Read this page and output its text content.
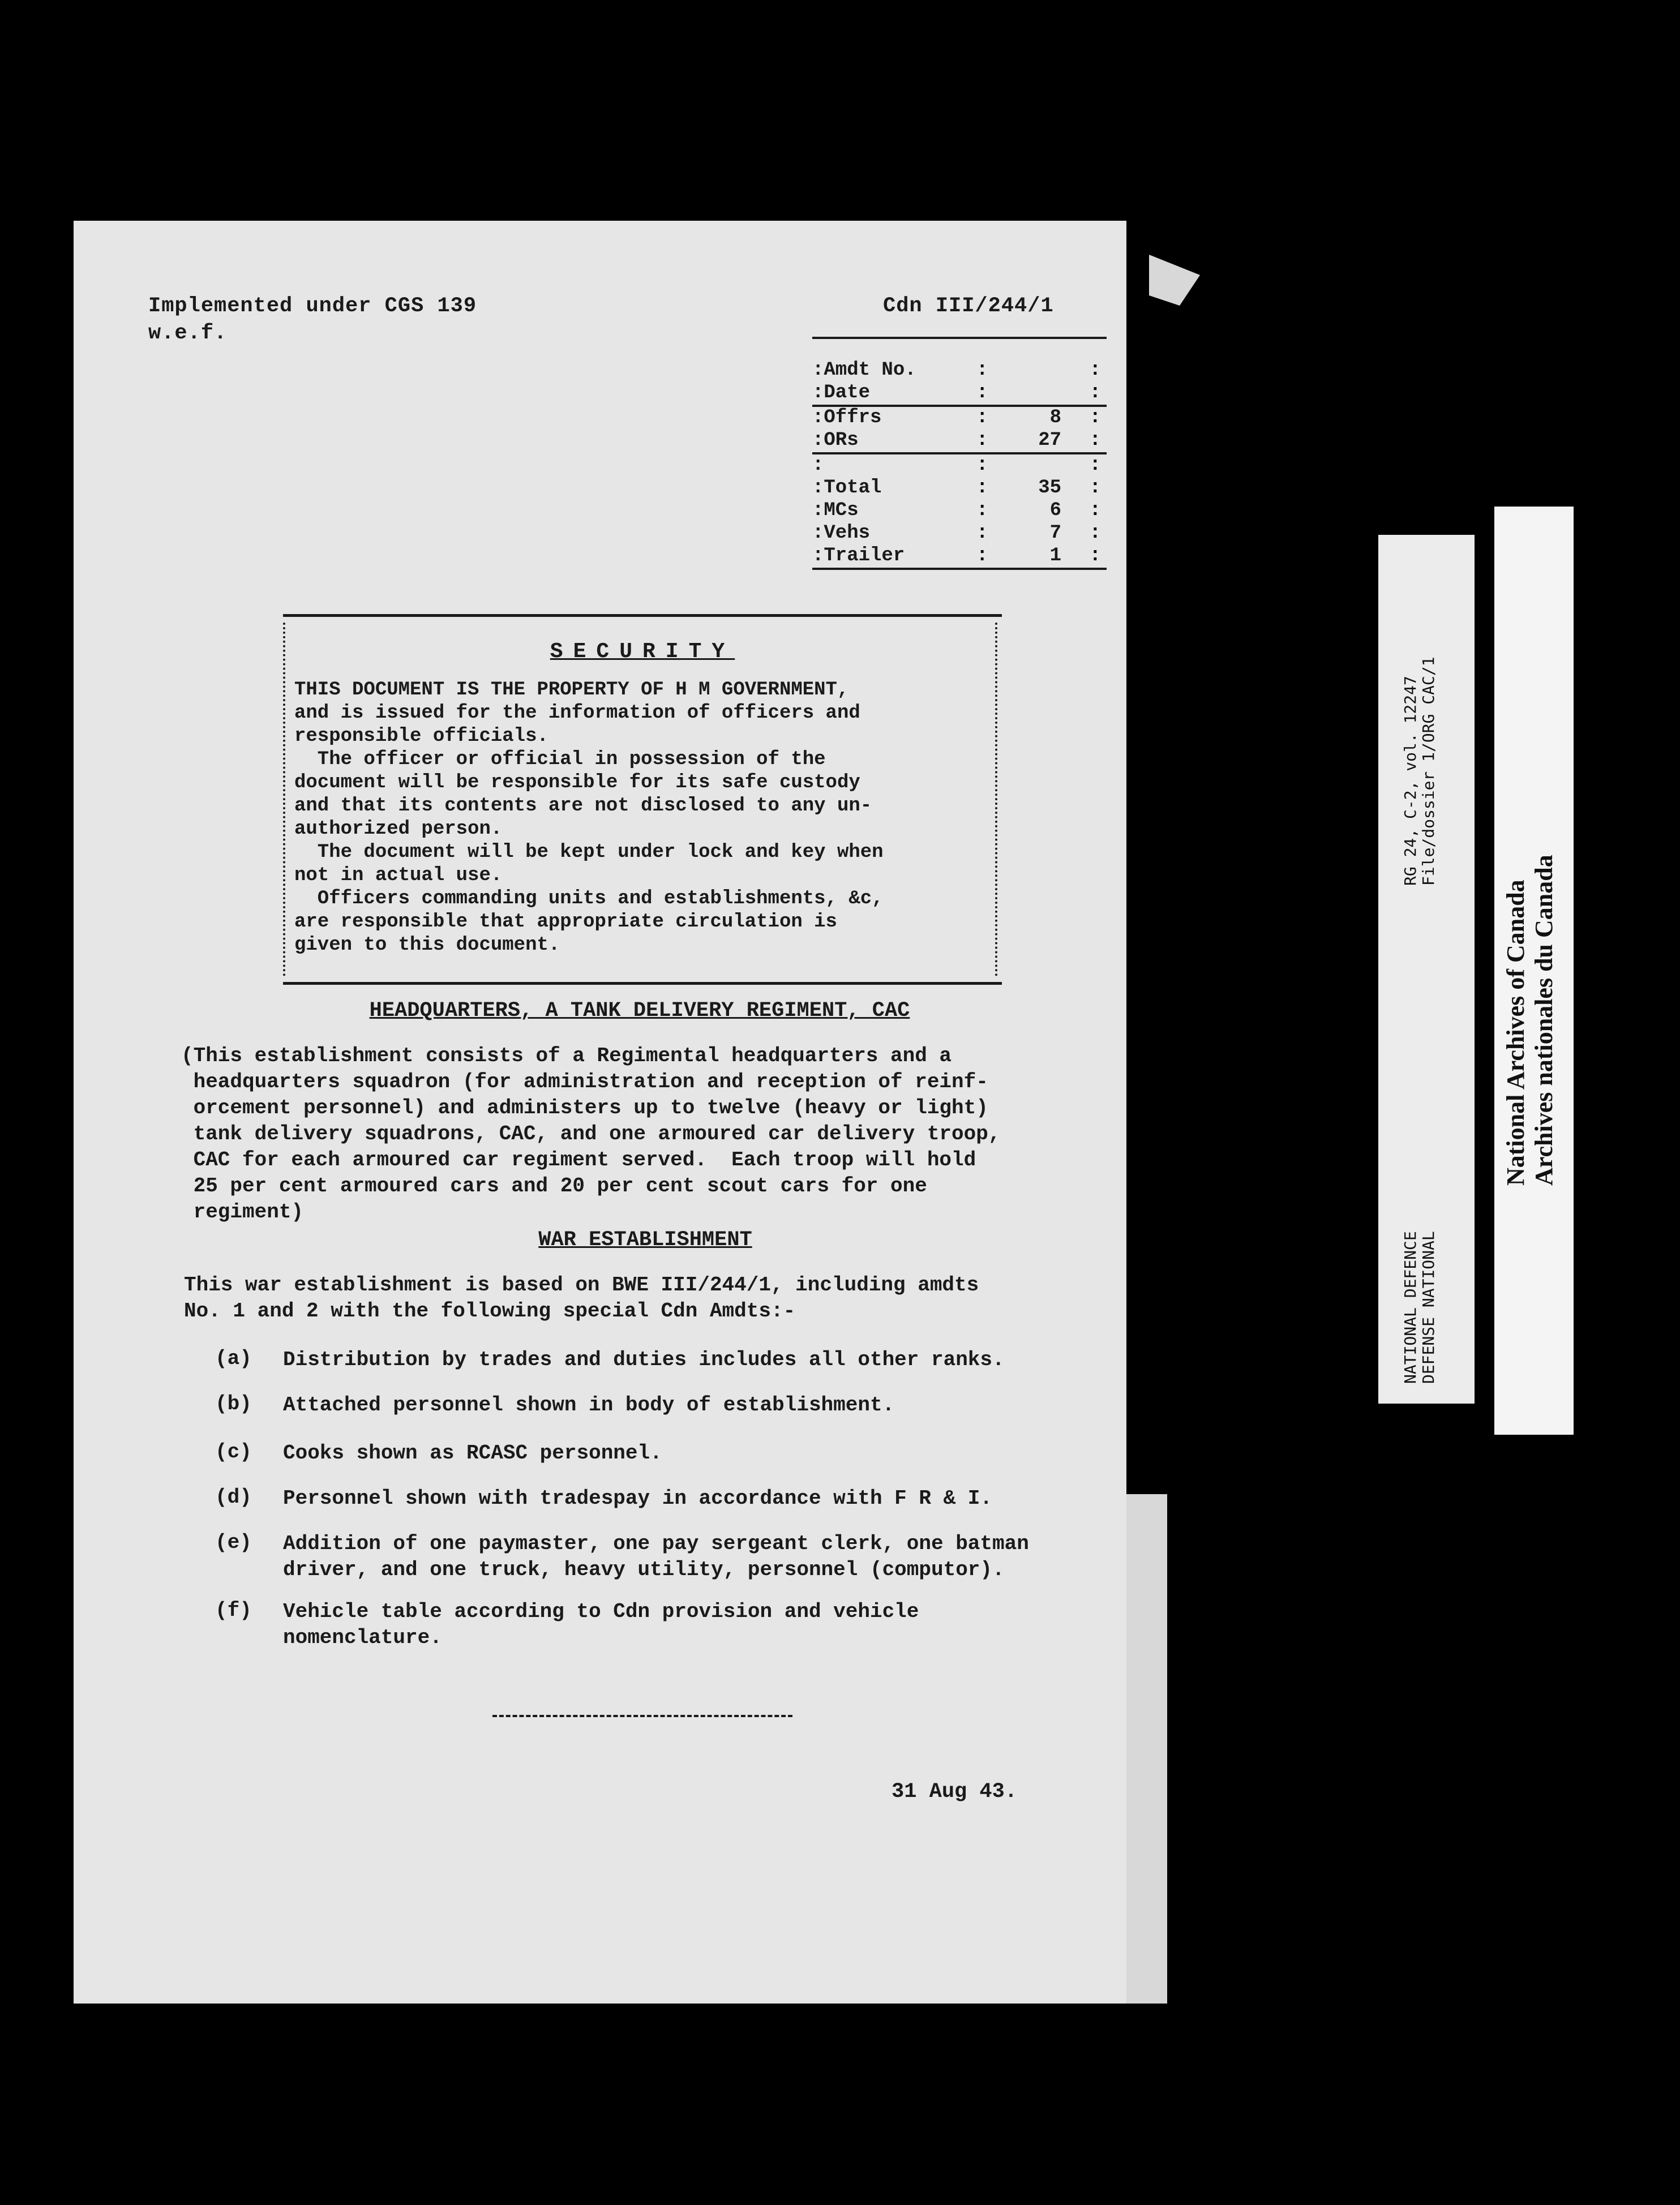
Implemented under CGS 139
w.e.f.
Cdn III/244/1
:Amdt No.	:	:
:Date	:	:
:Offrs	:	8 :
:ORs	:	27 :
:	:	:
:Total	:	35 :
:MCs	:	6 :
:Vehs	:	7 :
:Trailer	:	1 :
SECURITY
THIS DOCUMENT IS THE PROPERTY OF H M GOVERNMENT,
and is issued for the information of officers and
responsible officials.
The officer or official in possession of the
document will be responsible for its safe custody
and that its contents are not disclosed to any un-
authorized person.
The document will be kept under lock and key when
not in actual use.
Officers commanding units and establishments, &c,
are responsible that appropriate circulation is
given to this document.
HEADQUARTERS, A TANK DELIVERY REGIMENT, CAC
(This establishment consists of a Regimental headquarters and a
headquarters squadron (for administration and reception of reinf-
orcement personnel) and administers up to twelve (heavy or light)
tank delivery squadrons, CAC, and one armoured car delivery troop,
CAC for each armoured car regiment served.  Each troop will hold
25 per cent armoured cars and 20 per cent scout cars for one
regiment)
WAR ESTABLISHMENT
This war establishment is based on BWE III/244/1, including amdts
No. 1 and 2 with the following special Cdn Amdts:-
(a) Distribution by trades and duties includes all other ranks.
(b) Attached personnel shown in body of establishment.
(c) Cooks shown as RCASC personnel.
(d) Personnel shown with tradespay in accordance with F R & I.
(e) Addition of one paymaster, one pay sergeant clerk, one batman
driver, and one truck, heavy utility, personnel (computor).
(f) Vehicle table according to Cdn provision and vehicle
nomenclature.
31 Aug 43.
NATIONAL DEFENCE DEFENSE NATIONAL
RG 24, C-2, vol. 12247 File/dossier 1/ORG CAC/1
National Archives of Canada Archives nationales du Canada
